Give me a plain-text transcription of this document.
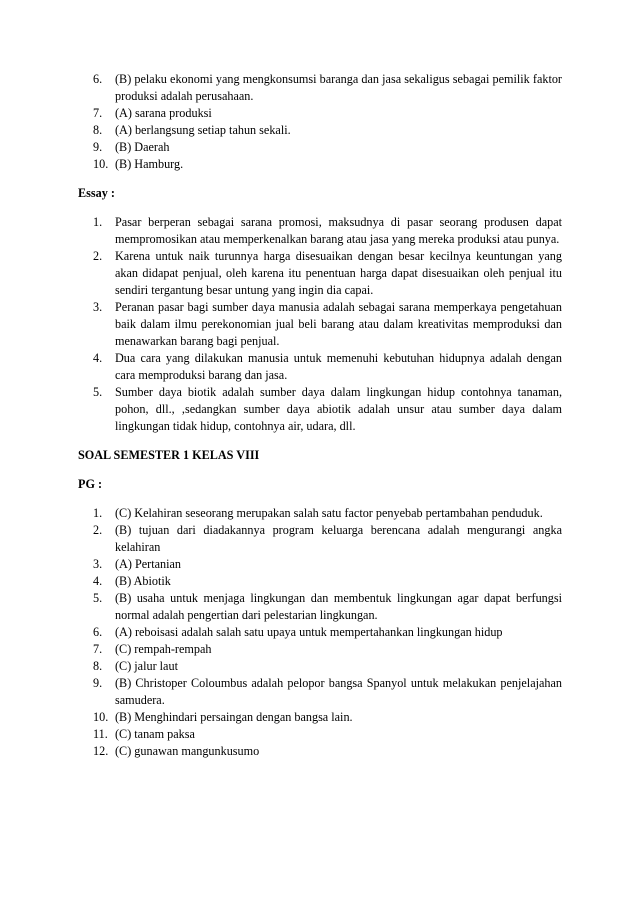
6. (B) pelaku ekonomi yang mengkonsumsi baranga dan jasa sekaligus sebagai pemilik faktor produksi adalah perusahaan.
7. (A) sarana produksi
8. (A) berlangsung setiap tahun sekali.
9. (B) Daerah
10. (B) Hamburg.
Essay :
1. Pasar berperan sebagai sarana promosi, maksudnya di pasar seorang produsen dapat mempromosikan atau memperkenalkan barang atau jasa yang mereka produksi atau punya.
2. Karena untuk naik turunnya harga disesuaikan dengan besar kecilnya keuntungan yang akan didapat penjual, oleh karena itu penentuan harga dapat disesuaikan oleh penjual itu sendiri tergantung besar untung yang ingin dia capai.
3. Peranan pasar bagi sumber daya manusia adalah sebagai sarana memperkaya pengetahuan baik dalam ilmu perekonomian jual beli barang atau dalam kreativitas memproduksi dan menawarkan barang bagi penjual.
4. Dua cara yang dilakukan manusia untuk memenuhi kebutuhan hidupnya adalah dengan cara memproduksi barang dan jasa.
5. Sumber daya biotik adalah sumber daya dalam lingkungan hidup contohnya tanaman, pohon, dll., ,sedangkan sumber daya abiotik adalah unsur atau sumber daya dalam lingkungan tidak hidup, contohnya air, udara, dll.
SOAL SEMESTER 1 KELAS VIII
PG :
1. (C) Kelahiran seseorang merupakan salah satu factor penyebab pertambahan penduduk.
2. (B) tujuan dari diadakannya program keluarga berencana adalah mengurangi angka kelahiran
3. (A) Pertanian
4. (B) Abiotik
5. (B) usaha untuk menjaga lingkungan dan membentuk lingkungan agar dapat berfungsi normal adalah pengertian dari pelestarian lingkungan.
6. (A) reboisasi adalah salah satu upaya untuk mempertahankan lingkungan hidup
7. (C) rempah-rempah
8. (C) jalur laut
9. (B) Christoper Coloumbus adalah pelopor bangsa Spanyol untuk melakukan penjelajahan samudera.
10. (B) Menghindari persaingan dengan bangsa lain.
11. (C) tanam paksa
12. (C) gunawan mangunkusumo
